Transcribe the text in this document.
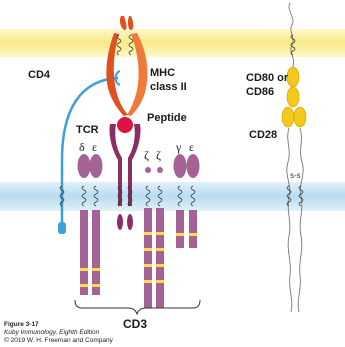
s-s
CD4	MHC
class II
Peptide
TCR
CD80 or
CD86
CD28
CD3
δ ε
ζ ζ
γ ε
Figure 3-17
Kuby Immunology, Eighth Edition
© 2019 W. H. Freeman and Company
